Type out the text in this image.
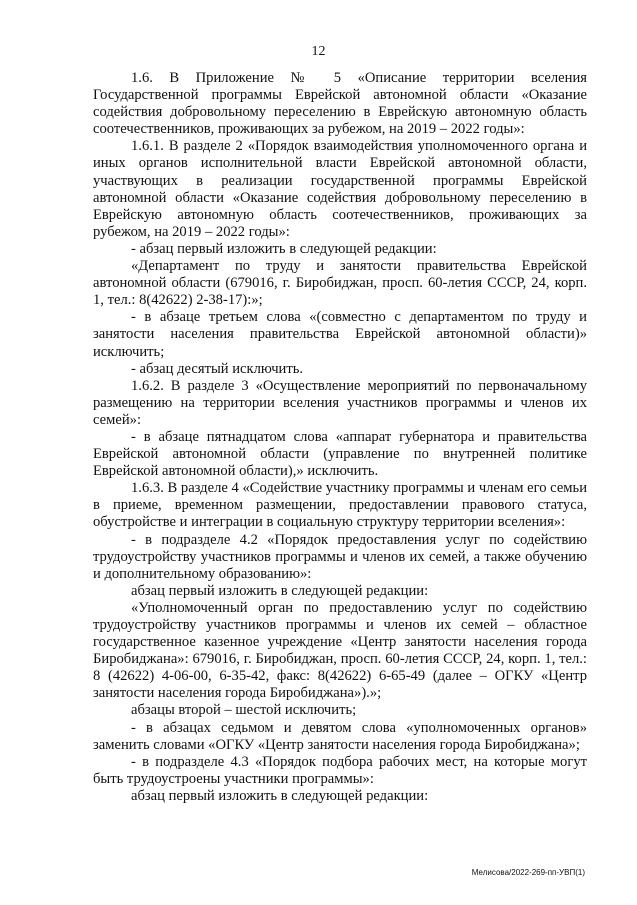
12

1.6. В Приложение № 5 «Описание территории вселения Государственной программы Еврейской автономной области «Оказание содействия добровольному переселению в Еврейскую автономную область соотечественников, проживающих за рубежом, на 2019 – 2022 годы»:

1.6.1. В разделе 2 «Порядок взаимодействия уполномоченного органа и иных органов исполнительной власти Еврейской автономной области, участвующих в реализации государственной программы Еврейской автономной области «Оказание содействия добровольному переселению в Еврейскую автономную область соотечественников, проживающих за рубежом, на 2019 – 2022 годы»:

- абзац первый изложить в следующей редакции:

«Департамент по труду и занятости правительства Еврейской автономной области (679016, г. Биробиджан, просп. 60-летия СССР, 24, корп. 1, тел.: 8(42622) 2-38-17):»;

- в абзаце третьем слова «(совместно с департаментом по труду и занятости населения правительства Еврейской автономной области)» исключить;

- абзац десятый исключить.

1.6.2. В разделе 3 «Осуществление мероприятий по первоначальному размещению на территории вселения участников программы и членов их семей»:

- в абзаце пятнадцатом слова «аппарат губернатора и правительства Еврейской автономной области (управление по внутренней политике Еврейской автономной области),» исключить.

1.6.3. В разделе 4 «Содействие участнику программы и членам его семьи в приеме, временном размещении, предоставлении правового статуса, обустройстве и интеграции в социальную структуру территории вселения»:

- в подразделе 4.2 «Порядок предоставления услуг по содействию трудоустройству участников программы и членов их семей, а также обучению и дополнительному образованию»:

абзац первый изложить в следующей редакции:

«Уполномоченный орган по предоставлению услуг по содействию трудоустройству участников программы и членов их семей – областное государственное казенное учреждение «Центр занятости населения города Биробиджана»: 679016, г. Биробиджан, просп. 60-летия СССР, 24, корп. 1, тел.: 8 (42622) 4-06-00, 6-35-42, факс: 8(42622) 6-65-49 (далее – ОГКУ «Центр занятости населения города Биробиджана»).»;

абзацы второй – шестой исключить;

- в абзацах седьмом и девятом слова «уполномоченных органов» заменить словами «ОГКУ «Центр занятости населения города Биробиджана»;

- в подразделе 4.3 «Порядок подбора рабочих мест, на которые могут быть трудоустроены участники программы»:

абзац первый изложить в следующей редакции:

Мелисова/2022-269-пп-УВП(1)
